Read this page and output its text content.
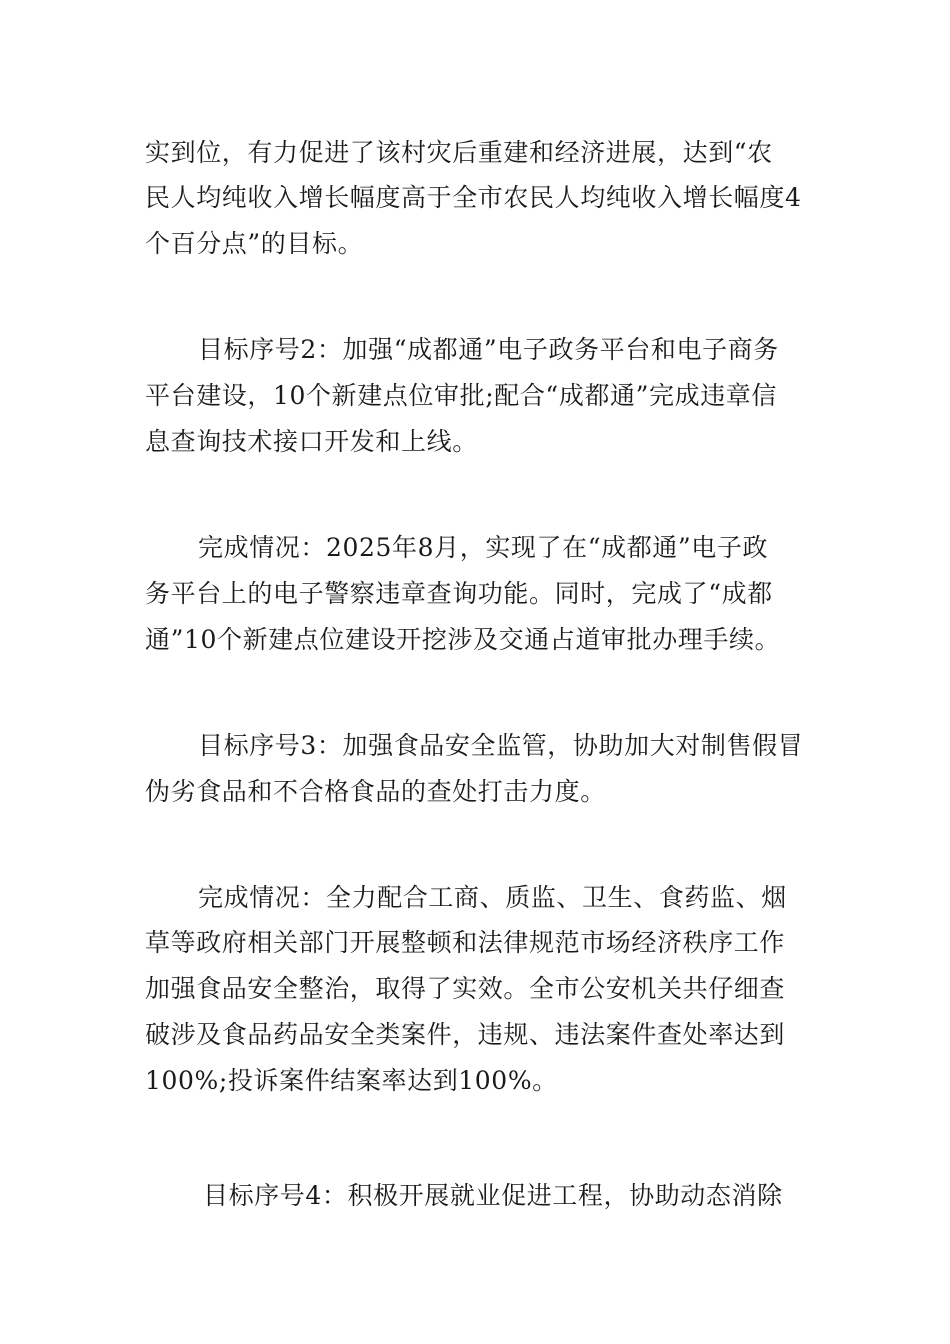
实到位，有力促进了该村灾后重建和经济进展，达到“农
民人均纯收入增长幅度高于全市农民人均纯收入增长幅度4
个百分点”的目标。
目标序号2：加强“成都通”电子政务平台和电子商务
平台建设，10个新建点位审批;配合“成都通”完成违章信
息查询技术接口开发和上线。
完成情况：2025年8月，实现了在“成都通”电子政
务平台上的电子警察违章查询功能。同时，完成了“成都
通”10个新建点位建设开挖涉及交通占道审批办理手续。
目标序号3：加强食品安全监管，协助加大对制售假冒
伪劣食品和不合格食品的查处打击力度。
完成情况：全力配合工商、质监、卫生、食药监、烟
草等政府相关部门开展整顿和法律规范市场经济秩序工作
加强食品安全整治，取得了实效。全市公安机关共仔细查
破涉及食品药品安全类案件，违规、违法案件查处率达到
100%;投诉案件结案率达到100%。
目标序号4：积极开展就业促进工程，协助动态消除
